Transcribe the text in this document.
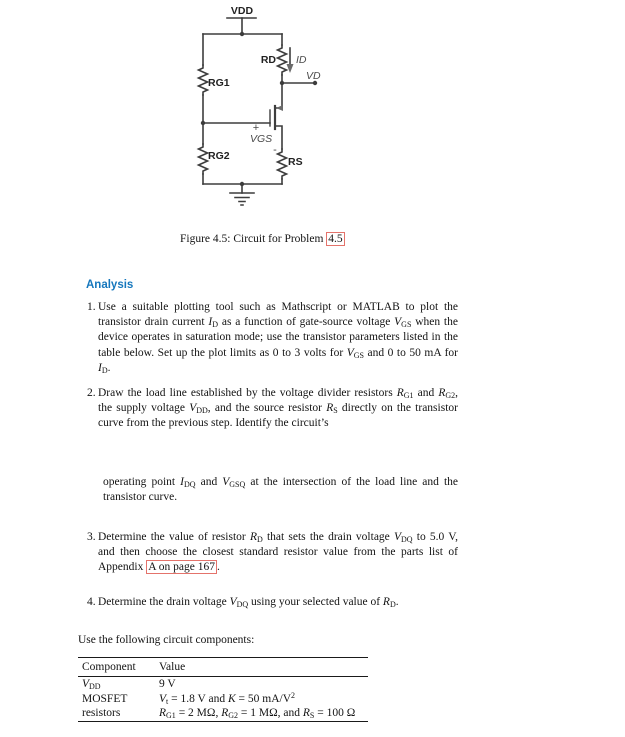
VDD
RG1
RG2
RD ID
VD
+
VGS
-
RS
Figure 4.5: Circuit for Problem 4.5
Analysis
1. Use a suitable plotting tool such as Mathscript or MATLAB to plot the transistor drain current $I_D$ as a function of gate-source voltage $V_{GS}$ when the device operates in saturation mode; use the transistor parameters listed in the table below. Set up the plot limits as 0 to 3 volts for $V_{GS}$ and 0 to 50 mA for $I_D$.
2. Draw the load line established by the voltage divider resistors $R_{G1}$ and $R_{G2}$, the supply voltage $V_{DD}$, and the source resistor $R_S$ directly on the transistor curve from the previous step. Identify the circuit’s
operating point $I_{DQ}$ and $V_{GSQ}$ at the intersection of the load line and the transistor curve.
3. Determine the value of resistor $R_D$ that sets the drain voltage $V_{DQ}$ to 5.0 V, and then choose the closest standard resistor value from the parts list of Appendix A on page 167 .
4. Determine the drain voltage $V_{DQ}$ using your selected value of $R_D$.
Use the following circuit components:
Component	Value
$V_{DD}$	9 V
MOSFET	$V_t = 1.8$ V and K = 50 $mA/V^2$
resistors	$R_{G1} = 2$ MΩ, $R_{G2} = 1$ MΩ, and $R_S = 100$ Ω
